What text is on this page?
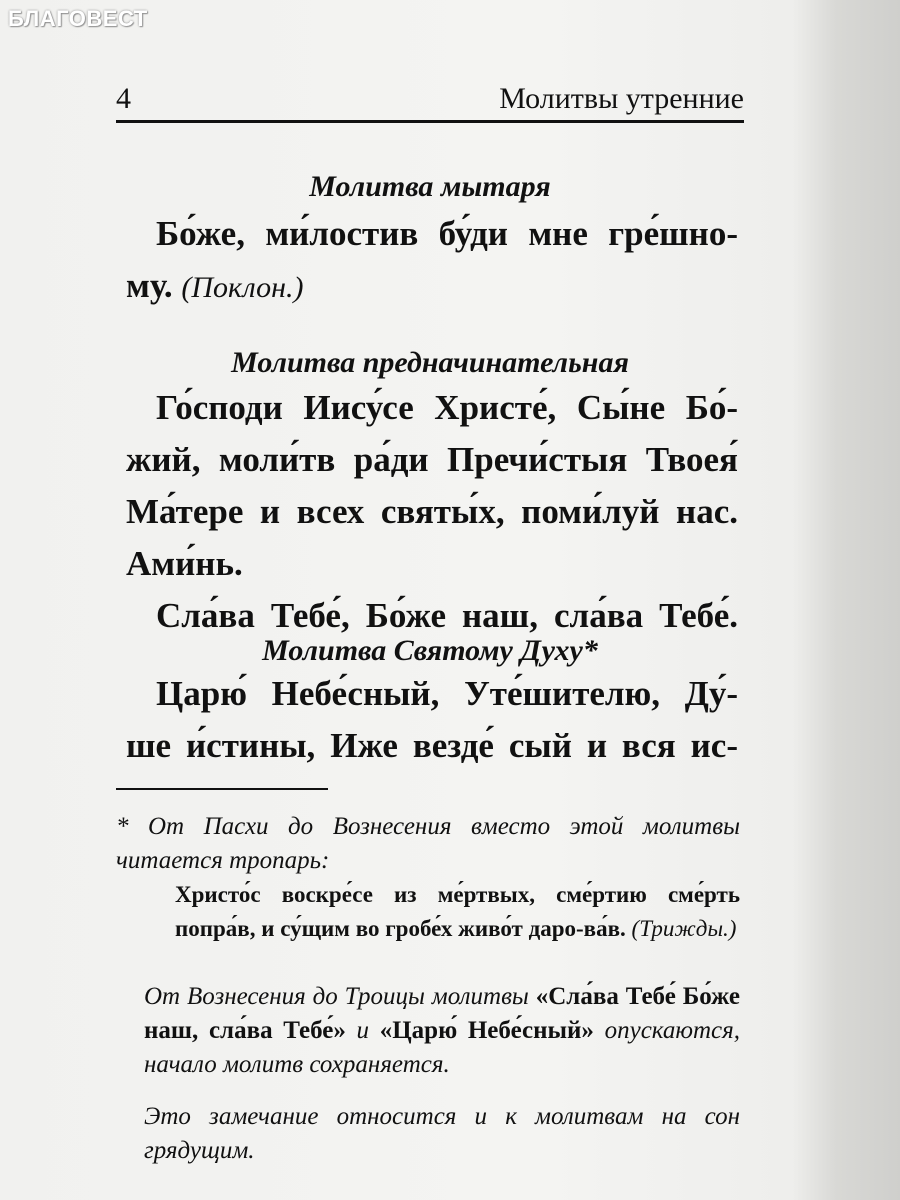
БЛАГОВЕСТ
4	Молитвы утренние
Молитва мытаря
Бо́же, ми́лостив бу́ди мне гре́шно-
му. (Поклон.)
Молитва предначинательная
Го́споди Иису́се Христе́, Сы́не Бо́-
жий, моли́тв ра́ди Пречи́стыя Твоея́
Ма́тере и всех святы́х, поми́луй нас.
Ами́нь.
Сла́ва Тебе́, Бо́же наш, сла́ва Тебе́.
Молитва Святому Духу*
Царю́ Небе́сный, Уте́шителю, Ду́-
ше и́стины, Иже везде́ сый и вся ис-
* От Пасхи до Вознесения вместо этой молитвы читается тропарь:
Христо́с воскре́се из ме́ртвых, сме́ртию сме́рть попра́в, и су́щим во гробе́х живо́т даро-ва́в. (Трижды.)
От Вознесения до Троицы молитвы «Сла́ва Тебе́ Бо́же наш, сла́ва Тебе́» и «Царю́ Небе́сный» опускаются, начало молитв сохраняется.
Это замечание относится и к молитвам на сон грядущим.
